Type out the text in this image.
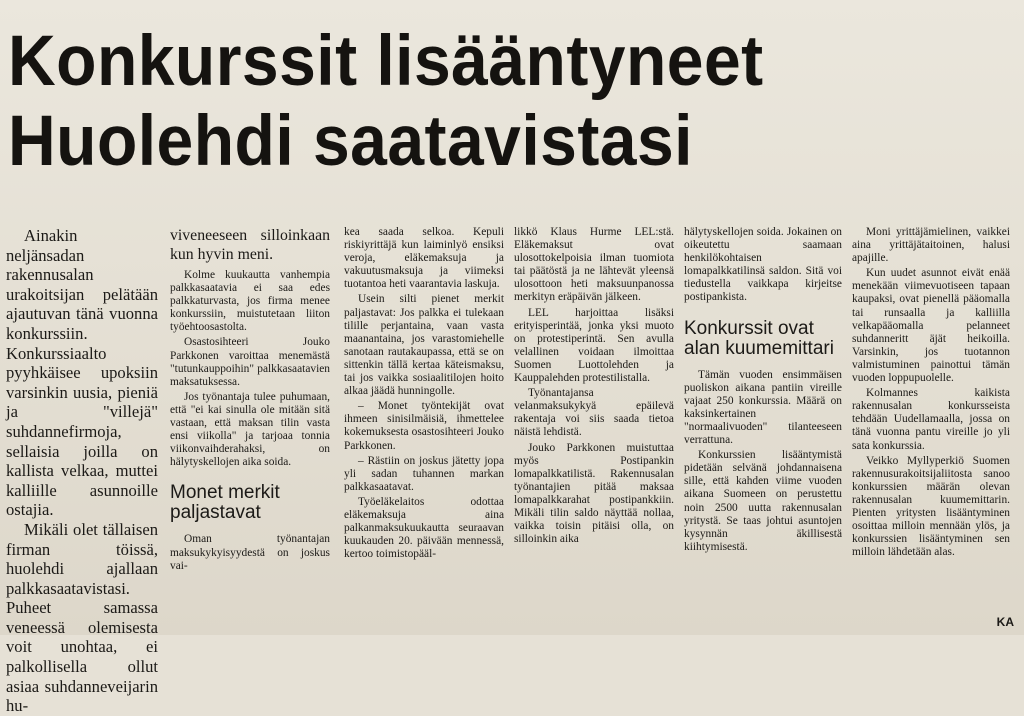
Konkurssit lisääntyneet
Huolehdi saatavistasi

Ainakin neljänsadan rakennusalan urakoitsijan pelätään ajautuvan tänä vuonna konkurssiin. Konkurssiaalto pyyhkäisee upoksiin varsinkin uusia, pieniä ja "villejä" suhdannefirmoja, sellaisia joilla on kallista velkaa, muttei kalliille asunnoille ostajia.

Mikäli olet tällaisen firman töissä, huolehdi ajallaan palkkasaatavistasi. Puheet samassa veneessä olemisesta voit unohtaa, ei palkollisella ollut asiaa suhdanneveijarin hu-

viveneeseen silloinkaan kun hyvin meni.

Kolme kuukautta vanhempia palkkasaatavia ei saa edes palkkaturvasta, jos firma menee konkurssiin, muistutetaan liiton työehtoosastolta.

Osastosihteeri Jouko Parkkonen varoittaa menemästä "tutunkauppoihin" palkkasaatavien maksatuksessa.

Jos työnantaja tulee puhumaan, että "ei kai sinulla ole mitään sitä vastaan, että maksan tilin vasta ensi viikolla" ja tarjoaa tonnia viikonvaihderahaksi, on hälytyskellojen aika soida.

Monet merkit paljastavat

Oman työnantajan maksukykyisyydestä on joskus vai-

kea saada selkoa. Kepuli riskiyrittäjä kun laiminlyö ensiksi veroja, eläkemaksuja ja vakuutusmaksuja ja viimeksi tuotantoa heti vaarantavia laskuja.

Usein silti pienet merkit paljastavat: Jos palkka ei tulekaan tilille perjantaina, vaan vasta maanantaina, jos varastomiehelle sanotaan rautakaupassa, että se on sittenkin tällä kertaa käteismaksu, tai jos vaikka sosiaalitilojen hoito alkaa jäädä hunningolle.

– Monet työntekijät ovat ihmeen sinisilmäisiä, ihmettelee kokemuksesta osastosihteeri Jouko Parkkonen.

– Rästiin on joskus jätetty jopa yli sadan tuhannen markan palkkasaatavat.

Työeläkelaitos odottaa eläkemaksuja aina palkanmaksukuukautta seuraavan kuukauden 20. päivään mennessä, kertoo toimistopääl-

likkö Klaus Hurme LEL:stä. Eläkemaksut ovat ulosottokelpoisia ilman tuomiota tai päätöstä ja ne lähtevät yleensä ulosottoon heti maksuunpanossa merkityn eräpäivän jälkeen.

LEL harjoittaa lisäksi erityisperintää, jonka yksi muoto on protestiperintä. Sen avulla velallinen voidaan ilmoittaa Suomen Luottolehden ja Kauppalehden protestilistalla.

Työnantajansa velanmaksukykyä epäilevä rakentaja voi siis saada tietoa näistä lehdistä.

Jouko Parkkonen muistuttaa myös Postipankin lomapalkkatilistä. Rakennusalan työnantajien pitää maksaa lomapalkkarahat postipankkiin. Mikäli tilin saldo näyttää nollaa, vaikka toisin pitäisi olla, on silloinkin aika

hälytyskellojen soida. Jokainen on oikeutettu saamaan henkilökohtaisen lomapalkkatilinsä saldon. Sitä voi tiedustella vaikkapa kirjeitse postipankista.

Konkurssit ovat alan kuumemittari

Tämän vuoden ensimmäisen puoliskon aikana pantiin vireille vajaat 250 konkurssia. Määrä on kaksinkertainen "normaalivuoden" tilanteeseen verrattuna.

Konkurssien lisääntymistä pidetään selvänä johdannaisena sille, että kahden viime vuoden aikana Suomeen on perustettu noin 2500 uutta rakennusalan yritystä. Se taas johtui asuntojen kysynnän äkillisestä kiihtymisestä.

Moni yrittäjämielinen, vaikkei aina yrittäjätaitoinen, halusi apajille.

Kun uudet asunnot eivät enää menekään viimevuotiseen tapaan kaupaksi, ovat pienellä pääomalla tai runsaalla ja kalliilla velkapääomalla pelanneet suhdanneritt äjät heikoilla. Varsinkin, jos tuotannon valmistuminen painottui tämän vuoden loppupuolelle.

Kolmannes kaikista rakennusalan konkursseista tehdään Uudellamaalla, jossa on tänä vuonna pantu vireille jo yli sata konkurssia.

Veikko Myllyperkiö Suomen rakennusurakoitsijaliitosta sanoo konkurssien määrän olevan rakennusalan kuumemittarin. Pienten yritysten lisääntyminen osoittaa milloin mennään ylös, ja konkurssien lisääntyminen sen milloin lähdetään alas.

KA
